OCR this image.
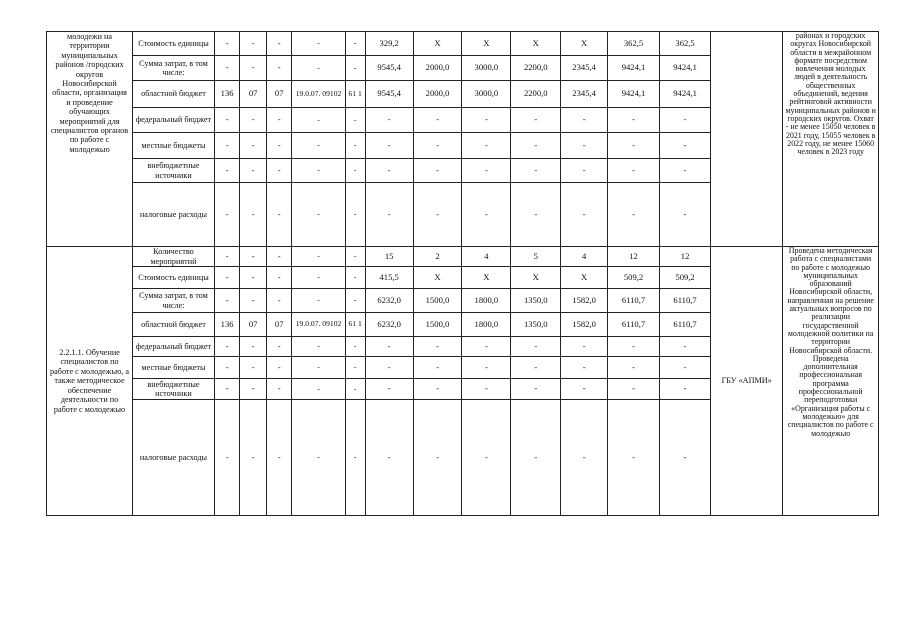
молодежи на территории муниципальных районов /городских округов Новосибирской области, организация и проведение обучающих мероприятий для специалистов органов по работе с молодежью	Стоимость единицы	-	-	-	-	-	329,2	X	X	X	X	362,5	362,5		районах и городских округах Новосибирской области в межрайонном формате посредством вовлечения молодых людей в деятельность общественных объединений, ведения рейтинговой активности муниципальных районов и городских округов. Охват - не менее 15050 человек в 2021 году, 15055 человек в 2022 году, не менее 15060 человек в 2023 году
	Сумма затрат, в том числе:	-	-	-	-	-	9545,4	2000,0	3000,0	2200,0	2345,4	9424,1	9424,1		
	областной бюджет	136	07	07	19.0.07. 09102	61 1	9545,4	2000,0	3000,0	2200,0	2345,4	9424,1	9424,1		
	федеральный бюджет	-	-	-	-	-	-	-	-	-	-	-	-		
	местные бюджеты	-	-	-	-	-	-	-	-	-	-	-	-		
	внебюджетные источники	-	-	-	-	-	-	-	-	-	-	-	-		
	налоговые расходы	-	-	-	-	-	-	-	-	-	-	-	-		
2.2.1.1. Обучение специалистов по работе с молодежью, а также методическое обеспечение деятельности по работе с молодежью	Количество мероприятий	-	-	-	-	-	15	2	4	5	4	12	12	ГБУ «АПМИ»	Проведена методическая работа с специалистами по работе с молодежью муниципальных образований Новосибирской области, направленная на решение актуальных вопросов по реализации государственной молодежной политики на территории Новосибирской области. Проведена дополнительная профессиональная программа профессиональной переподготовки «Организация работы с молодежью» для специалистов по работе с молодежью
	Стоимость единицы	-	-	-	-	-	415,5	X	X	X	X	509,2	509,2		
	Сумма затрат, в том числе:	-	-	-	-	-	6232,0	1500,0	1800,0	1350,0	1582,0	6110,7	6110,7		
	областной бюджет	136	07	07	19.0.07. 09102	61 1	6232,0	1500,0	1800,0	1350,0	1582,0	6110,7	6110,7		
	федеральный бюджет	-	-	-	-	-	-	-	-	-	-	-	-		
	местные бюджеты	-	-	-	-	-	-	-	-	-	-	-	-		
	внебюджетные источники	-	-	-	-	-	-	-	-	-	-	-	-		
	налоговые расходы	-	-	-	-	-	-	-	-	-	-	-	-		
